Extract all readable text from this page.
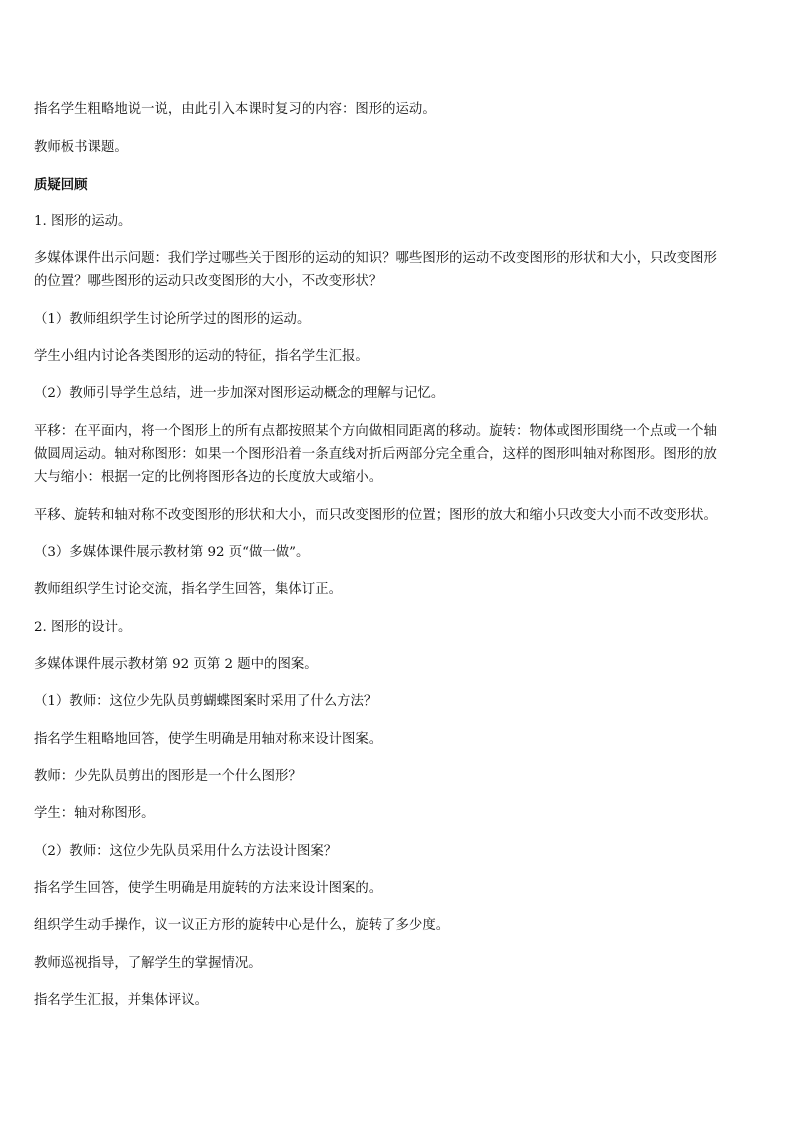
指名学生粗略地说一说，由此引入本课时复习的内容：图形的运动。
教师板书课题。
质疑回顾
1. 图形的运动。
多媒体课件出示问题：我们学过哪些关于图形的运动的知识？哪些图形的运动不改变图形的形状和大小，只改变图形
的位置？哪些图形的运动只改变图形的大小，不改变形状？
（1）教师组织学生讨论所学过的图形的运动。
学生小组内讨论各类图形的运动的特征，指名学生汇报。
（2）教师引导学生总结，进一步加深对图形运动概念的理解与记忆。
平移：在平面内，将一个图形上的所有点都按照某个方向做相同距离的移动。旋转：物体或图形围绕一个点或一个轴
做圆周运动。轴对称图形：如果一个图形沿着一条直线对折后两部分完全重合，这样的图形叫轴对称图形。图形的放
大与缩小：根据一定的比例将图形各边的长度放大或缩小。
平移、旋转和轴对称不改变图形的形状和大小，而只改变图形的位置；图形的放大和缩小只改变大小而不改变形状。
（3）多媒体课件展示教材第 92 页“做一做”。
教师组织学生讨论交流，指名学生回答，集体订正。
2. 图形的设计。
多媒体课件展示教材第 92 页第 2 题中的图案。
（1）教师：这位少先队员剪蝴蝶图案时采用了什么方法？
指名学生粗略地回答，使学生明确是用轴对称来设计图案。
教师：少先队员剪出的图形是一个什么图形？
学生：轴对称图形。
（2）教师：这位少先队员采用什么方法设计图案？
指名学生回答，使学生明确是用旋转的方法来设计图案的。
组织学生动手操作，议一议正方形的旋转中心是什么，旋转了多少度。
教师巡视指导，了解学生的掌握情况。
指名学生汇报，并集体评议。
